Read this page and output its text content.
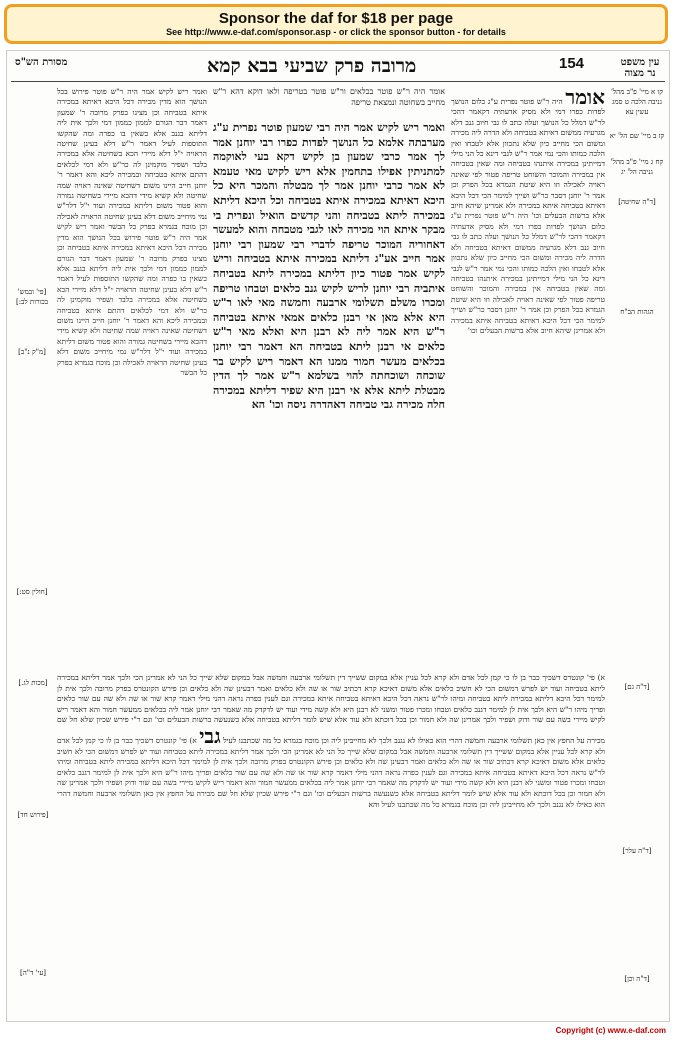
Sponsor the daf for $18 per page
See http://www.e-daf.com/sponsor.asp - or click the sponsor button - for details
מסורת הש"ס	מרובה פרק שביעי בבא קמא	154	עין משפט נר מצוה
[פי' ובמש' בכורות לב:]
[מ"ק נ"ב]
[חולין סט:]
ואמר ריש לקיש אמר היה ר"ש פוטר פירוש בכל הנושך הוא מדין מכירה דכל היכא דאיתא במכירה איתא בטביחה וכן מצינו בפרק מרובה ר' שמעון דאמר דבר הגורם לממון כממון דמי ולכך אית ליה דליתא בגנב אלא כשאין בו כפרה ומה שהקשו התוספות לעיל דאמר ר"ש דלא בעינן שחיטה הראויה י"ל דלא מיירי הכא בשחיטה אלא במכירה בלבד ושפיר מוקמינן לה כר"ש ולא דמי לכלאים דהתם איתא בטביחה ובמכירה ליכא והא דאמר ר' יוחנן חייב היינו משום דשחיטה שאינה ראויה שמה שחיטה ולא קשיא מידי דהכא מיירי בשחיטה גמורה והוא פטור משום דליתא במכירה ועוד י"ל דלר"ש נמי מיחייב משום דלא בעינן שחיטה הראויה לאכילה וכן מוכח בגמרא בפרק כל הבשר ואמר ריש לקיש אמר היה ר"ש פוטר פירוש בכל הנושך הוא מדין מכירה דכל היכא דאיתא במכירה איתא בטביחה וכן מצינו בפרק מרובה ר' שמעון דאמר דבר הגורם לממון כממון דמי ולכך אית ליה דליתא בגנב אלא כשאין בו כפרה ומה שהקשו התוספות לעיל דאמר ר"ש דלא בעינן שחיטה הראויה י"ל דלא מיירי הכא בשחיטה אלא במכירה בלבד ושפיר מוקמינן לה כר"ש ולא דמי לכלאים דהתם איתא בטביחה ובמכירה ליכא והא דאמר ר' יוחנן חייב היינו משום דשחיטה שאינה ראויה שמה שחיטה ולא קשיא מידי דהכא מיירי בשחיטה גמורה והוא פטור משום דליתא במכירה ועוד י"ל דלר"ש נמי מיחייב משום דלא בעינן שחיטה הראויה לאכילה וכן מוכח בגמרא בפרק כל הבשר
אומר היה ר"ש פוטר בכלאים ור"ש פוטר בטריפה ולאו דוקא דהא ר"ש מחייב בשחוטה ונמצאת טריפה
ואמר ריש לקיש אמר היה רבי שמעון פוטר נפרית ע"ג מערבתה אלמא כל הנושך לפדות כפרו רבי יוחנן אמר לך אמר כרבי שמעון בן לקיש דקא בעי לאוקמה למתניתין אפילו בתחמין אלא ריש לקיש מאי טעמא לא אמר כרבי יוחנן אמר לך מבטלה והמכר היא כל היכא דאיתא במכירה איתא בטביחה וכל היכא דליתא במכירה ליתא בטביחה והני קדשים הואיל ונפרית בי מבקר איתא הוי מכירה לאו לגבי מטבחה והוא למעשר דאחוריה המוכר טריפה לדברי רבי שמעון רבי יוחנן אמר חייב אע"ג דליתא במכירה איתא בטביחה וריש לקיש אמר פטור כיון דליתא במכירה ליתא בטביחה איתביה רבי יוחנן לריש לקיש גנב כלאים וטבחו טריפה ומכרו משלם תשלומי ארבעה וחמשה מאי לאו ר"ש היא אלא מאן אי רבנן כלאים אמאי איתא בטביחה ר"ש היא אמר ליה לא רבנן היא ואלא מאי ר"ש כלאים אי רבנן ליתא בטביחה הא דאמר רבי יוחנן בכלאים מעשר חמור ממנו הא דאמר ריש לקיש בר שוכחה ושוכחתה להוי בשלמא ר"ש אמר לך הדין מבטלת ליתא אלא אי רבנן היא שפיר דליתא במכירה חלה מכירה גבי טביחה דאהדרה ניסה וכו' הא
אומר היה ר"ש פוטר נפרית ע"ג כלום הנושך לפדות כפרו דמי ולא מסיק אדעתיה דקאמר דהכי לר"ש דמלל כל הנושך ועלה כתב לו גבי חיוב גנב דלא מגרעיה ממשום דאיתא בטביחה ולא הדרה ליה מכירה ומשום הכי מחייב כיון שלא נתכוון אלא לטבחו ואין הלכה כמותו והכי נמי אמר ר"ש לגבי דינא כל הני מילי דמייתינן במכירה איתנהו בטביחה ומה שאין בטביחה אין במכירה והמוכר והשוחט טריפה פטור לפי שאינה ראויה לאכילה וזו היא שיטת הגמרא בכל הפרק וכן אמר ר' יוחנן דסבר כר"ש ושייך למימר הכי דכל היכא דאיתא בטביחה איתא במכירה ולא אמרינן שיהא חיוב אלא ברשות הבעלים וכו' היה ר"ש פוטר נפרית ע"ג כלום הנושך לפדות כפרו דמי ולא מסיק אדעתיה דקאמר דהכי לר"ש דמלל כל הנושך ועלה כתב לו גבי חיוב גנב דלא מגרעיה ממשום דאיתא בטביחה ולא הדרה ליה מכירה ומשום הכי מחייב כיון שלא נתכוון אלא לטבחו ואין הלכה כמותו והכי נמי אמר ר"ש לגבי דינא כל הני מילי דמייתינן במכירה איתנהו בטביחה ומה שאין בטביחה אין במכירה והמוכר והשוחט טריפה פטור לפי שאינה ראויה לאכילה וזו היא שיטת הגמרא בכל הפרק וכן אמר ר' יוחנן דסבר כר"ש ושייך למימר הכי דכל היכא דאיתא בטביחה איתא במכירה ולא אמרינן שיהא חיוב אלא ברשות הבעלים וכו'
קו א מיי' פ"ב מהל' גניבה הלכה ט סמג עשין עא
קז ב מיי' שם הל' יא
קח ג מיי' פ"ב מהל' גניבה הל' יג
הגהות הב"ח
[ד"ה שחיטה]
א) פי' קונטרס דשכיך כבר בן לו כי קמן לכל אדם ולא קרא לכל עניין אלא במקום ששייך דין תשלומי ארבעה וחמשה אבל במקום שלא שייך כל הני לא אמרינן הכי ולכך אמר דליתא במכירה ליתא בטביחה ועוד יש לפרש דמשום הכי לא חשיב כלאים אלא משום דאיכא קרא דכתיב שור או שה ולא כלאים ואמר דבעינן שה ולא כלאים וכן פירש הקונטרס בפרק מרובה ולכך אית לן למימר דכל היכא דליתא במכירה ליתא בטביחה ומיהו לר"ש נראה דכל היכא דאיתא בטביחה איתא במכירה וגם לענין כפרה נראה דהני מילי דאמר קרא שור או שה ולא שה עם שור כלאים ופריך מיהו ר"ש היא ולכך אית לן למימר דגנב כלאים וטבחו ומכרו פטור ומשני לא רבנן היא ולא קשה מידי ועוד יש לדקדק מה שאמר רבי יוחנן אמר ליה בכלאים ממעשר חמור והא דאמר ריש לקיש מיירי בשה עם שור ודוק ושפיר ולכך אמרינן שה ולא חמור וכן בכל דוכתא ולא עוד אלא שיש לומר דליתא בטביחה אלא כשנעשה ברשות הבעלים וכו' וגם ר"י פירש שכיון שלא חל שם מכירה על החפץ אין כאן תשלומי ארבעה וחמשה דהרי הוא כאילו לא נגנב ולכך לא מחייבינן ליה וכן מוכח בגמרא כל מה שכתבנו לעיל גבי א) פי' קונטרס דשכיך כבר בן לו כי קמן לכל אדם ולא קרא לכל עניין אלא במקום ששייך דין תשלומי ארבעה וחמשה אבל במקום שלא שייך כל הני לא אמרינן הכי ולכך אמר דליתא במכירה ליתא בטביחה ועוד יש לפרש דמשום הכי לא חשיב כלאים אלא משום דאיכא קרא דכתיב שור או שה ולא כלאים ואמר דבעינן שה ולא כלאים וכן פירש הקונטרס בפרק מרובה ולכך אית לן למימר דכל היכא דליתא במכירה ליתא בטביחה ומיהו לר"ש נראה דכל היכא דאיתא בטביחה איתא במכירה וגם לענין כפרה נראה דהני מילי דאמר קרא שור או שה ולא שה עם שור כלאים ופריך מיהו ר"ש היא ולכך אית לן למימר דגנב כלאים וטבחו ומכרו פטור ומשני לא רבנן היא ולא קשה מידי ועוד יש לדקדק מה שאמר רבי יוחנן אמר ליה בכלאים ממעשר חמור והא דאמר ריש לקיש מיירי בשה עם שור ודוק ושפיר ולכך אמרינן שה ולא חמור וכן בכל דוכתא ולא עוד אלא שיש לומר דליתא בטביחה אלא כשנעשה ברשות הבעלים וכו' וגם ר"י פירש שכיון שלא חל שם מכירה על החפץ אין כאן תשלומי ארבעה וחמשה דהרי הוא כאילו לא נגנב ולכך לא מחייבינן ליה וכן מוכח בגמרא כל מה שכתבנו לעיל והא
[מכות לג.]
[פירוש חד]
[עי' ד"ה]
[ד"ה גם]
[ד"ה עלר]
[ד"ה וכן]
Copyright (c) www.e-daf.com
